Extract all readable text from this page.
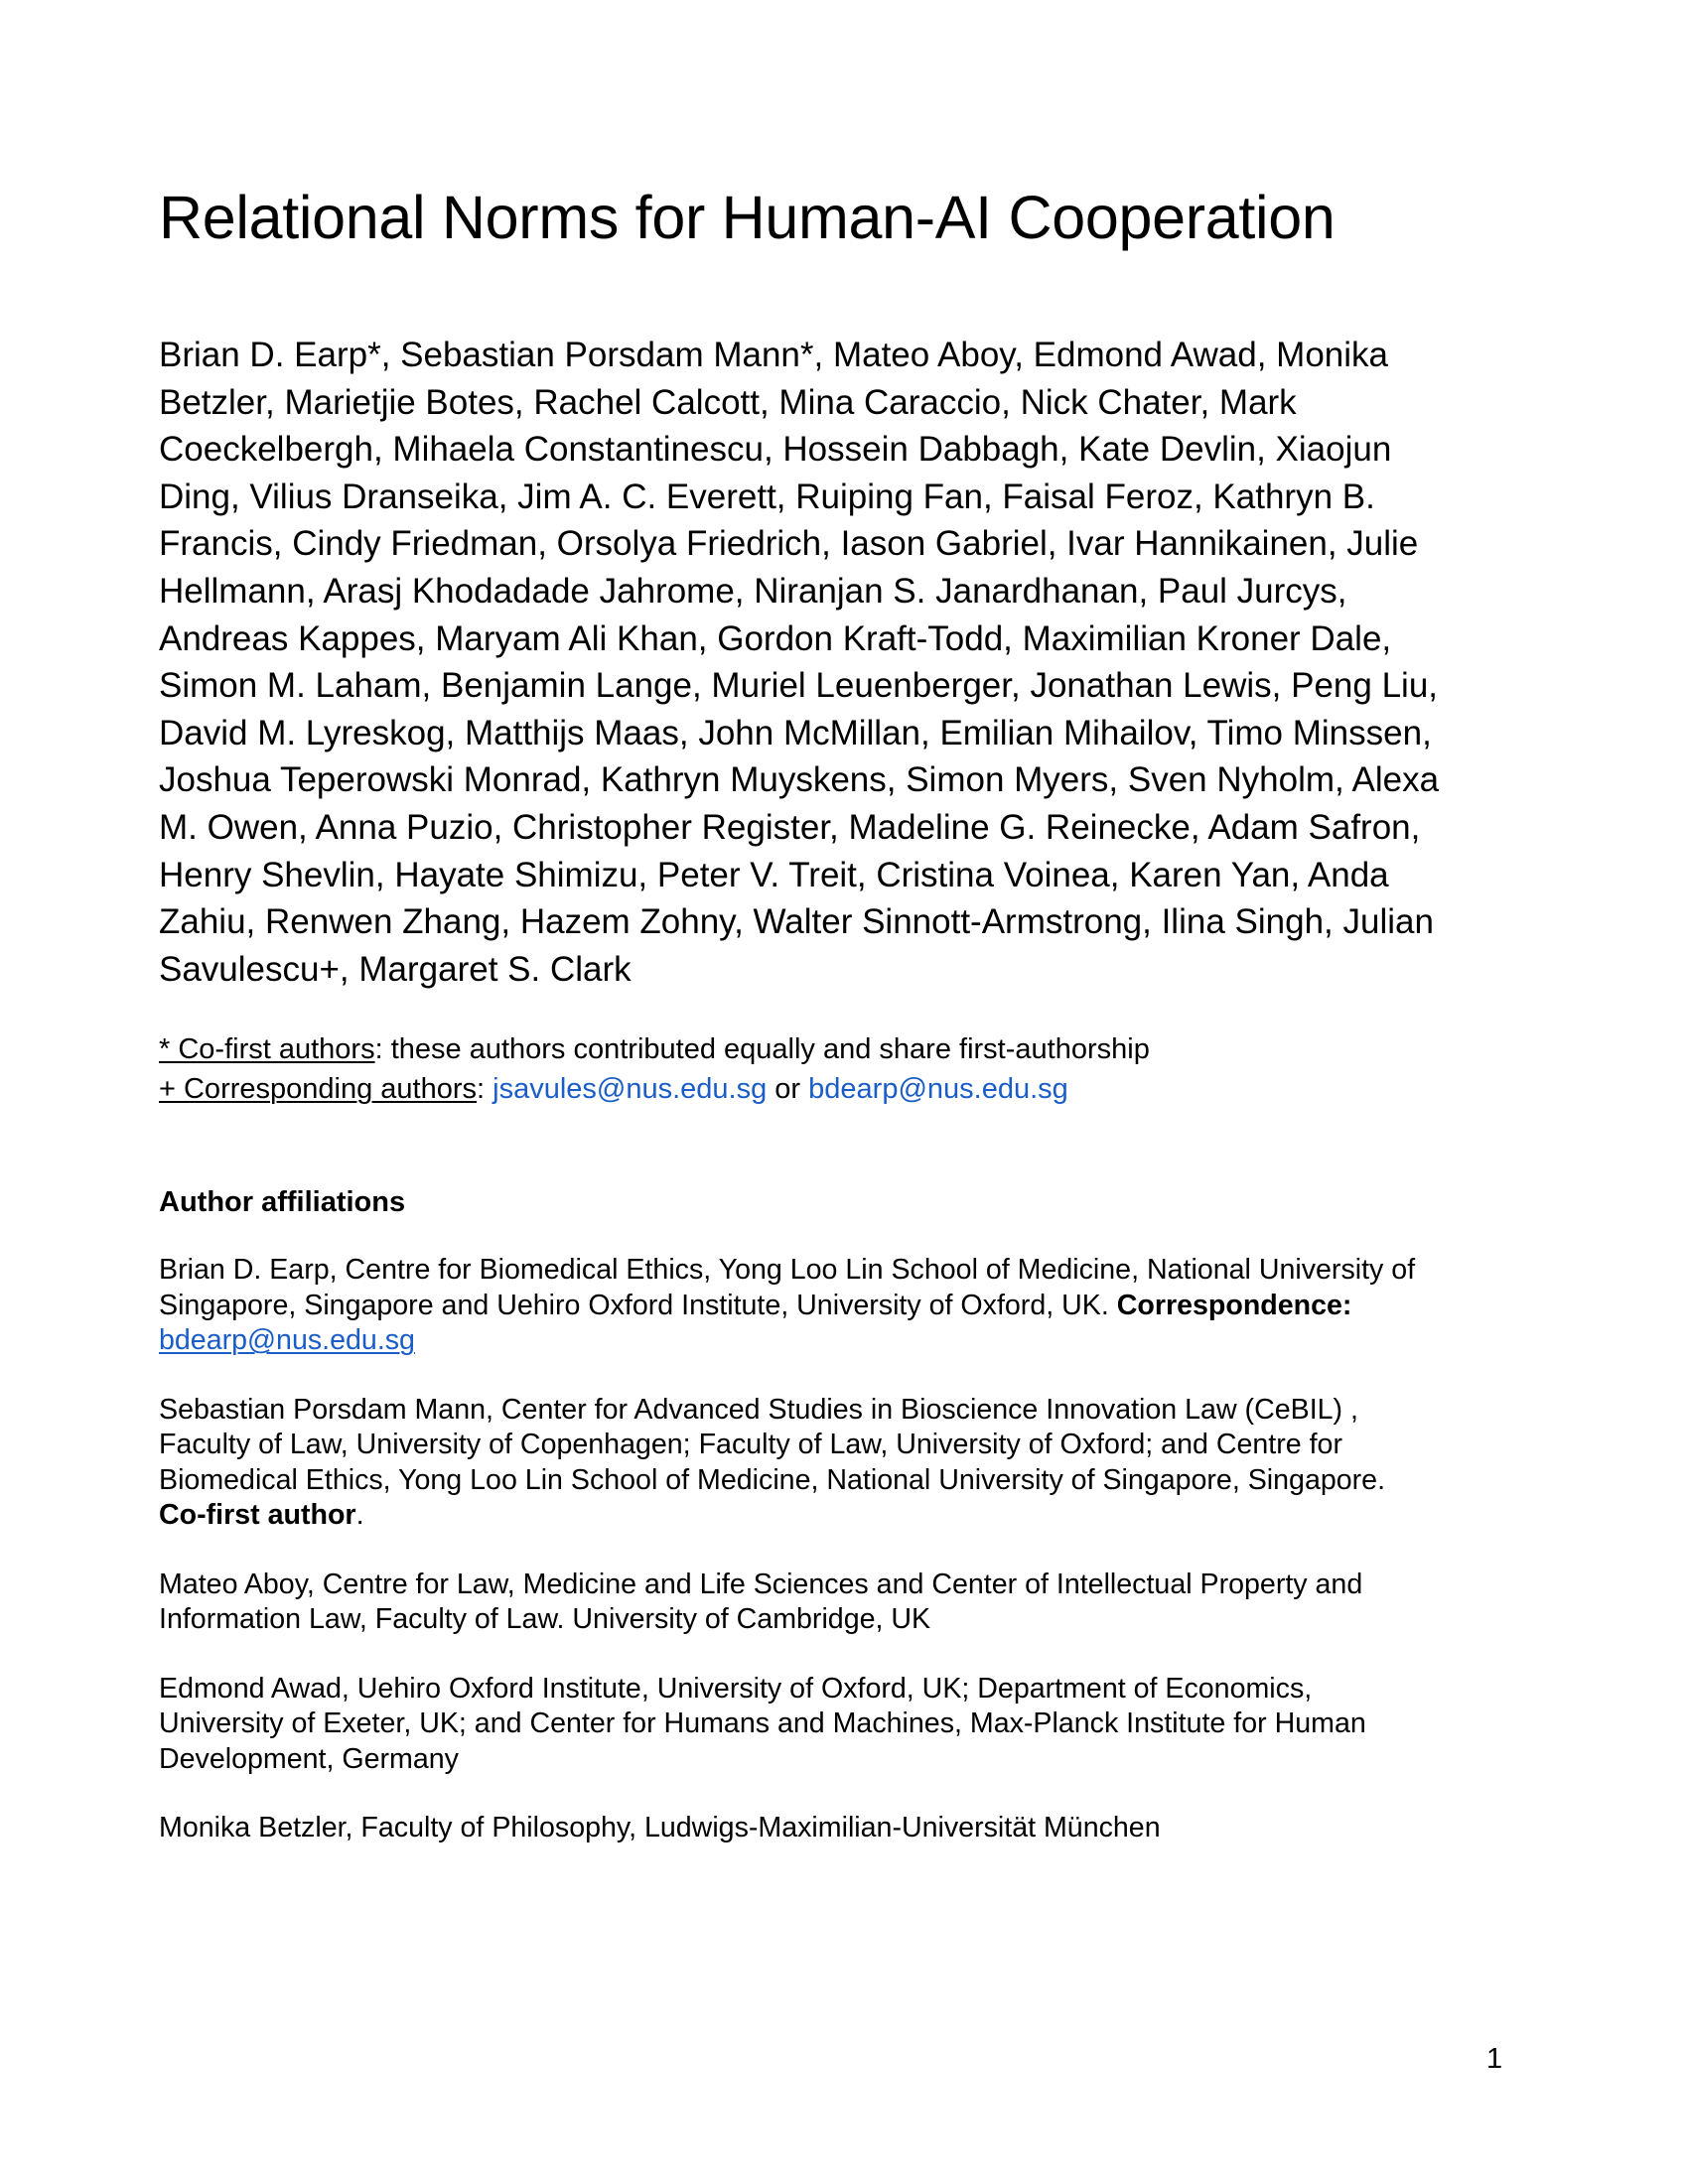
Relational Norms for Human-AI Cooperation

Brian D. Earp*, Sebastian Porsdam Mann*, Mateo Aboy, Edmond Awad, Monika
Betzler, Marietjie Botes, Rachel Calcott, Mina Caraccio, Nick Chater, Mark
Coeckelbergh, Mihaela Constantinescu, Hossein Dabbagh, Kate Devlin, Xiaojun
Ding, Vilius Dranseika, Jim A. C. Everett, Ruiping Fan, Faisal Feroz, Kathryn B.
Francis, Cindy Friedman, Orsolya Friedrich, Iason Gabriel, Ivar Hannikainen, Julie
Hellmann, Arasj Khodadade Jahrome, Niranjan S. Janardhanan, Paul Jurcys,
Andreas Kappes, Maryam Ali Khan, Gordon Kraft-Todd, Maximilian Kroner Dale,
Simon M. Laham, Benjamin Lange, Muriel Leuenberger, Jonathan Lewis, Peng Liu,
David M. Lyreskog, Matthijs Maas, John McMillan, Emilian Mihailov, Timo Minssen,
Joshua Teperowski Monrad, Kathryn Muyskens, Simon Myers, Sven Nyholm, Alexa
M. Owen, Anna Puzio, Christopher Register, Madeline G. Reinecke, Adam Safron,
Henry Shevlin, Hayate Shimizu, Peter V. Treit, Cristina Voinea, Karen Yan, Anda
Zahiu, Renwen Zhang, Hazem Zohny, Walter Sinnott-Armstrong, Ilina Singh, Julian
Savulescu+, Margaret S. Clark

* Co-first authors: these authors contributed equally and share first-authorship
+ Corresponding authors: jsavules@nus.edu.sg or bdearp@nus.edu.sg
Author affiliations

Brian D. Earp, Centre for Biomedical Ethics, Yong Loo Lin School of Medicine, National University of
Singapore, Singapore and Uehiro Oxford Institute, University of Oxford, UK. Correspondence:
bdearp@nus.edu.sg

Sebastian Porsdam Mann, Center for Advanced Studies in Bioscience Innovation Law (CeBIL) ,
Faculty of Law, University of Copenhagen; Faculty of Law, University of Oxford; and Centre for
Biomedical Ethics, Yong Loo Lin School of Medicine, National University of Singapore, Singapore.
Co-first author.

Mateo Aboy, Centre for Law, Medicine and Life Sciences and Center of Intellectual Property and
Information Law, Faculty of Law. University of Cambridge, UK

Edmond Awad, Uehiro Oxford Institute, University of Oxford, UK; Department of Economics,
University of Exeter, UK; and Center for Humans and Machines, Max-Planck Institute for Human
Development, Germany

Monika Betzler, Faculty of Philosophy, Ludwigs-Maximilian-Universität München

1
